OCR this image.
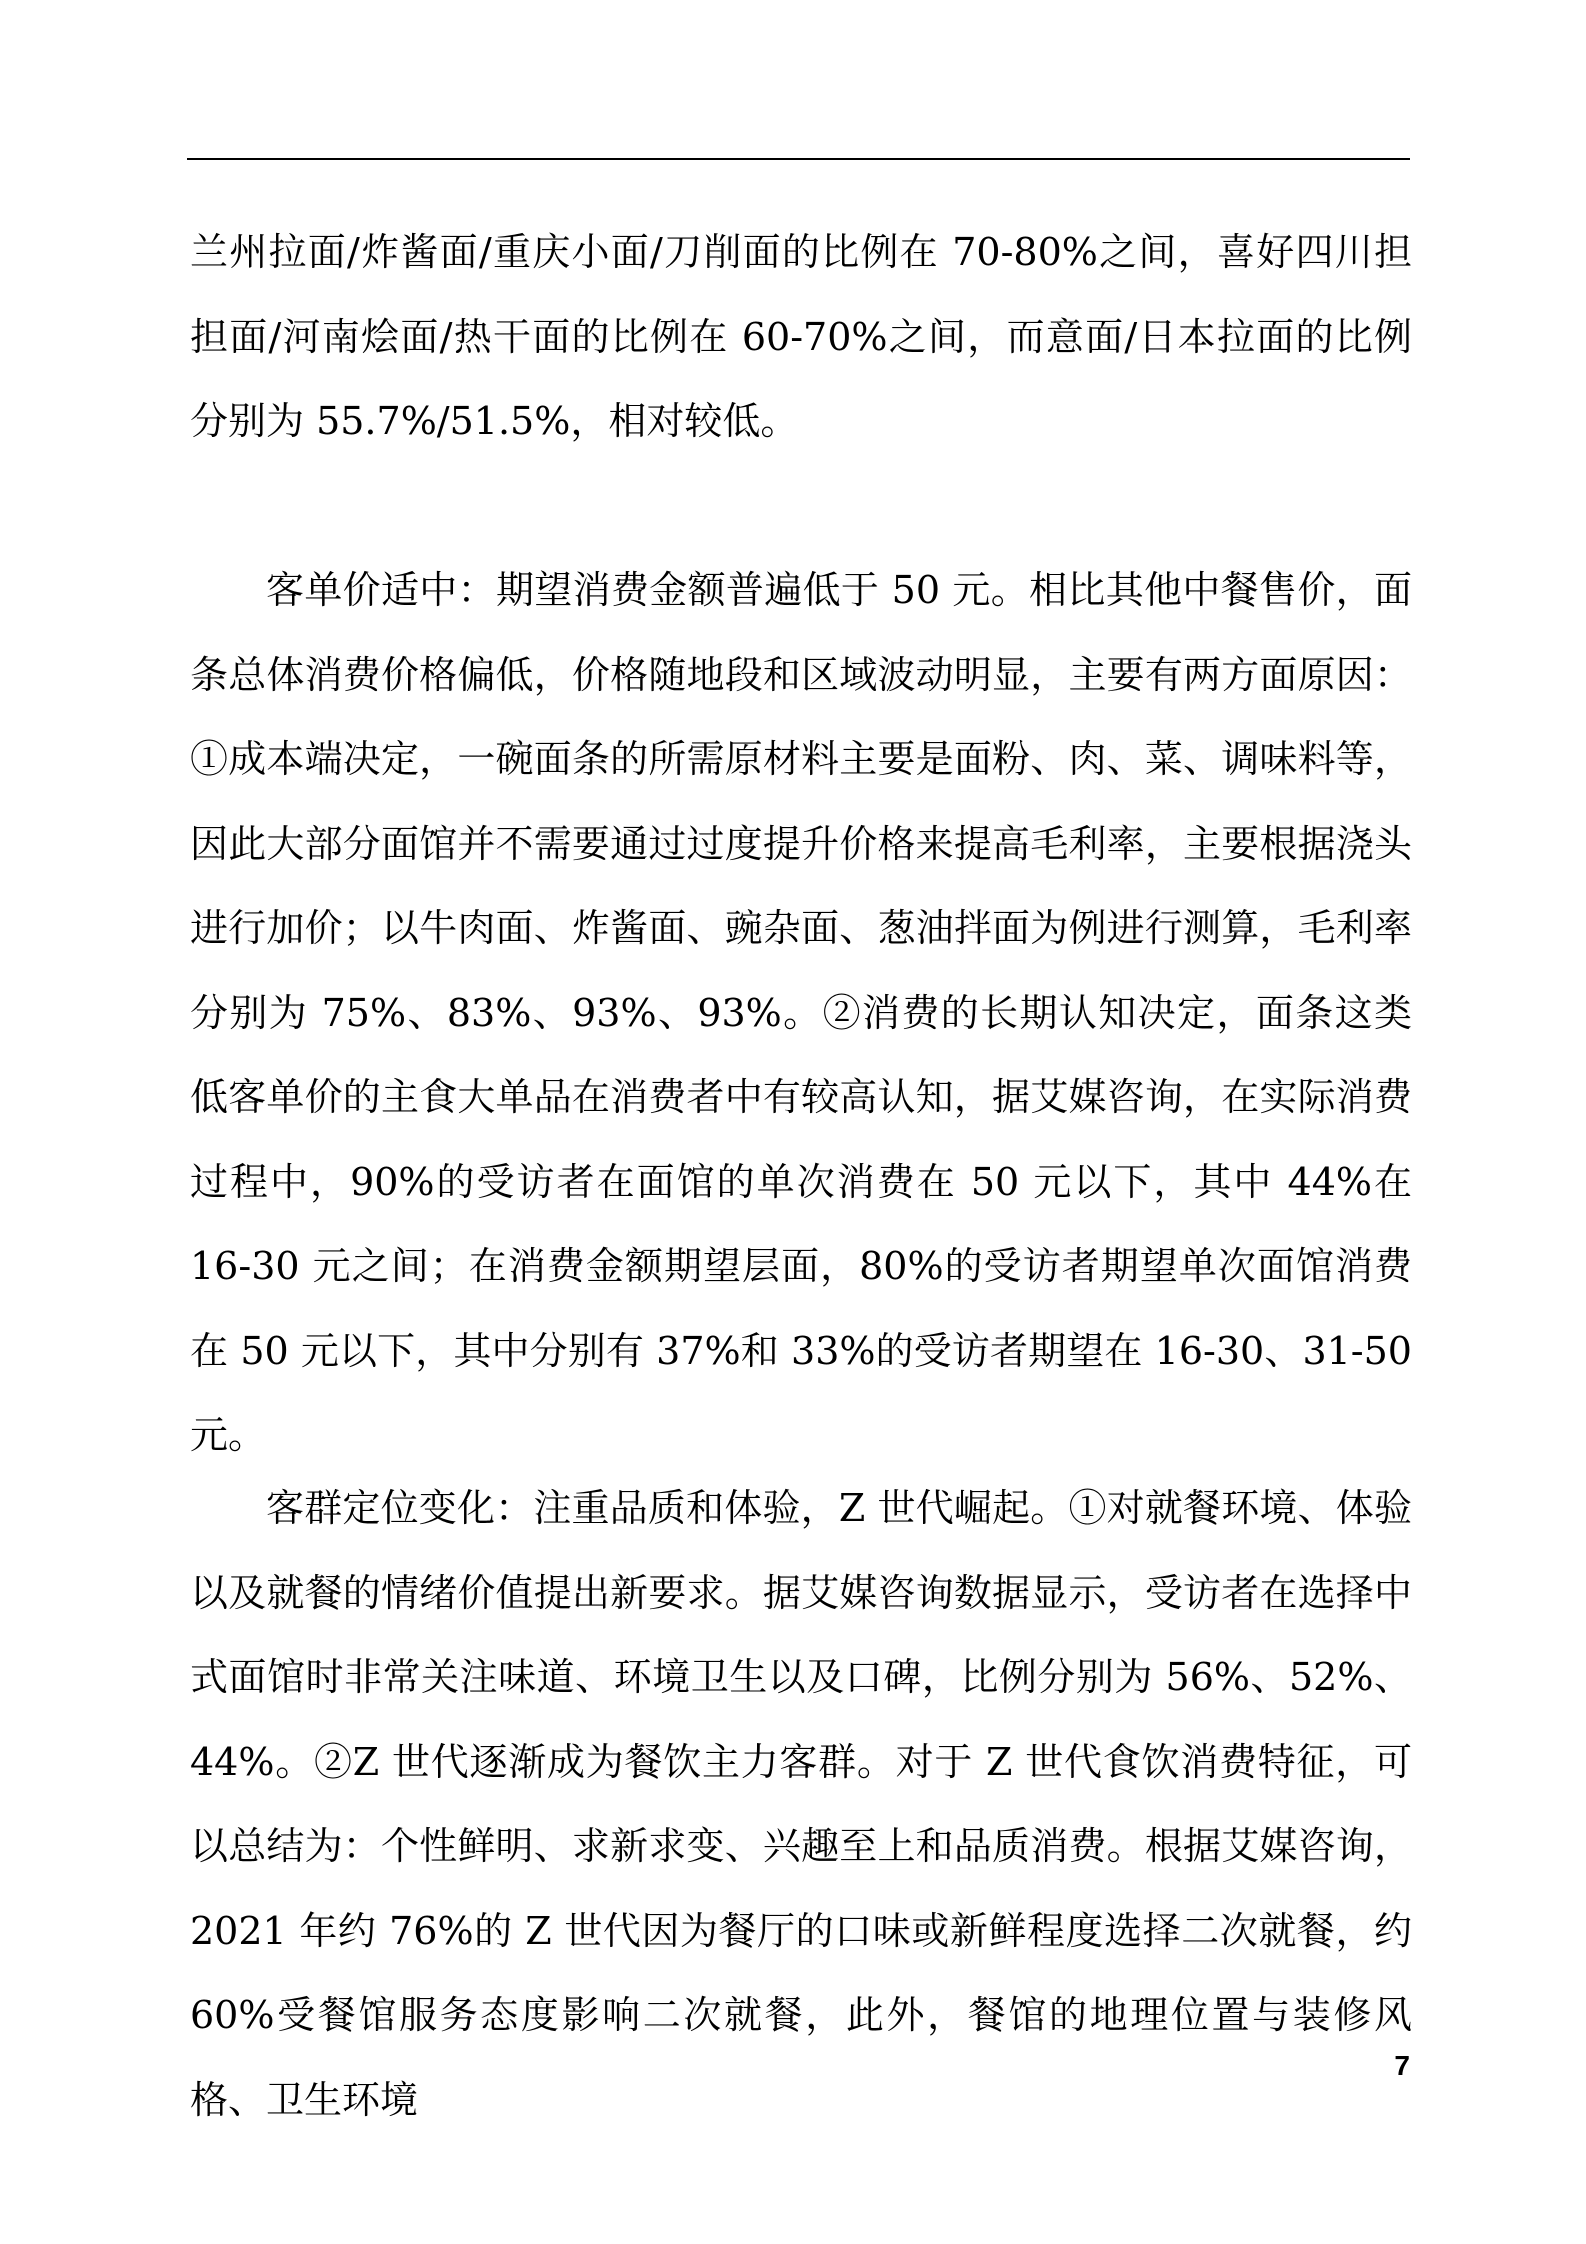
兰州拉面/炸酱面/重庆小面/刀削面的比例在 70-80%之间，喜好四川担担面/河南烩面/热干面的比例在 60-70%之间，而意面/日本拉面的比例分别为 55.7%/51.5%，相对较低。

客单价适中：期望消费金额普遍低于 50 元。相比其他中餐售价，面条总体消费价格偏低，价格随地段和区域波动明显，主要有两方面原因：①成本端决定，一碗面条的所需原材料主要是面粉、肉、菜、调味料等，因此大部分面馆并不需要通过过度提升价格来提高毛利率，主要根据浇头进行加价；以牛肉面、炸酱面、豌杂面、葱油拌面为例进行测算，毛利率分别为 75%、83%、93%、93%。②消费的长期认知决定，面条这类低客单价的主食大单品在消费者中有较高认知，据艾媒咨询，在实际消费过程中，90%的受访者在面馆的单次消费在 50 元以下，其中 44%在 16-30 元之间；在消费金额期望层面，80%的受访者期望单次面馆消费在 50 元以下，其中分别有 37%和 33%的受访者期望在 16-30、31-50 元。

客群定位变化：注重品质和体验，Z 世代崛起。①对就餐环境、体验以及就餐的情绪价值提出新要求。据艾媒咨询数据显示，受访者在选择中式面馆时非常关注味道、环境卫生以及口碑，比例分别为 56%、52%、44%。②Z 世代逐渐成为餐饮主力客群。对于 Z 世代食饮消费特征，可以总结为：个性鲜明、求新求变、兴趣至上和品质消费。根据艾媒咨询，2021 年约 76%的 Z 世代因为餐厅的口味或新鲜程度选择二次就餐，约 60%受餐馆服务态度影响二次就餐，此外，餐馆的地理位置与装修风格、卫生环境

7
